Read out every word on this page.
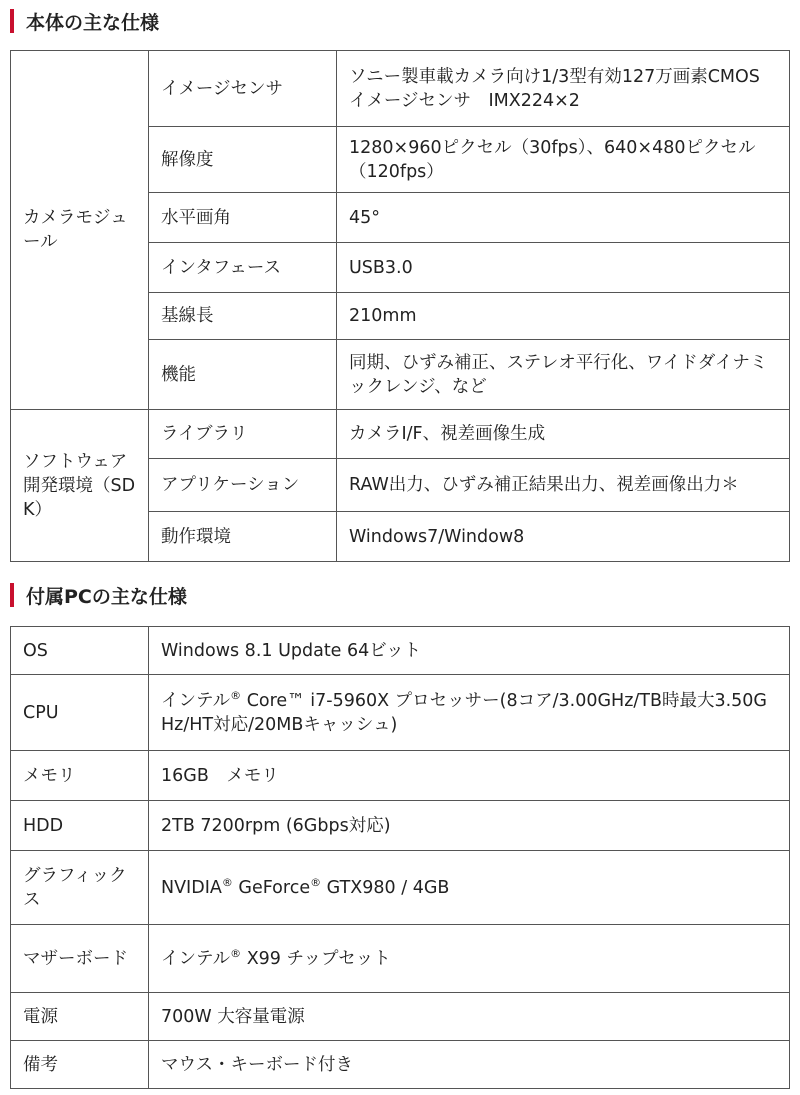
本体の主な仕様
カメラモジュール	イメージセンサ	ソニー製車載カメラ向け1/3型有効127万画素CMOSイメージセンサ　IMX224×2
	解像度	1280×960ピクセル（30fps）、640×480ピクセル（120fps）
	水平画角	45°
	インタフェース	USB3.0
	基線長	210mm
	機能	同期、ひずみ補正、ステレオ平行化、ワイドダイナミックレンジ、など
ソフトウェア開発環境（SDK）	ライブラリ	カメラI/F、視差画像生成
	アプリケーション	RAW出力、ひずみ補正結果出力、視差画像出力＊
	動作環境	Windows7/Window8
付属PCの主な仕様
OS	Windows 8.1 Update 64ビット
CPU	インテル® Core™ i7-5960X プロセッサー(8コア/3.00GHz/TB時最大3.50GHz/HT対応/20MBキャッシュ)
メモリ	16GB　メモリ
HDD	2TB 7200rpm (6Gbps対応)
グラフィックス	NVIDIA® GeForce® GTX980 / 4GB
マザーボード	インテル® X99 チップセット
電源	700W 大容量電源
備考	マウス・キーボード付き
